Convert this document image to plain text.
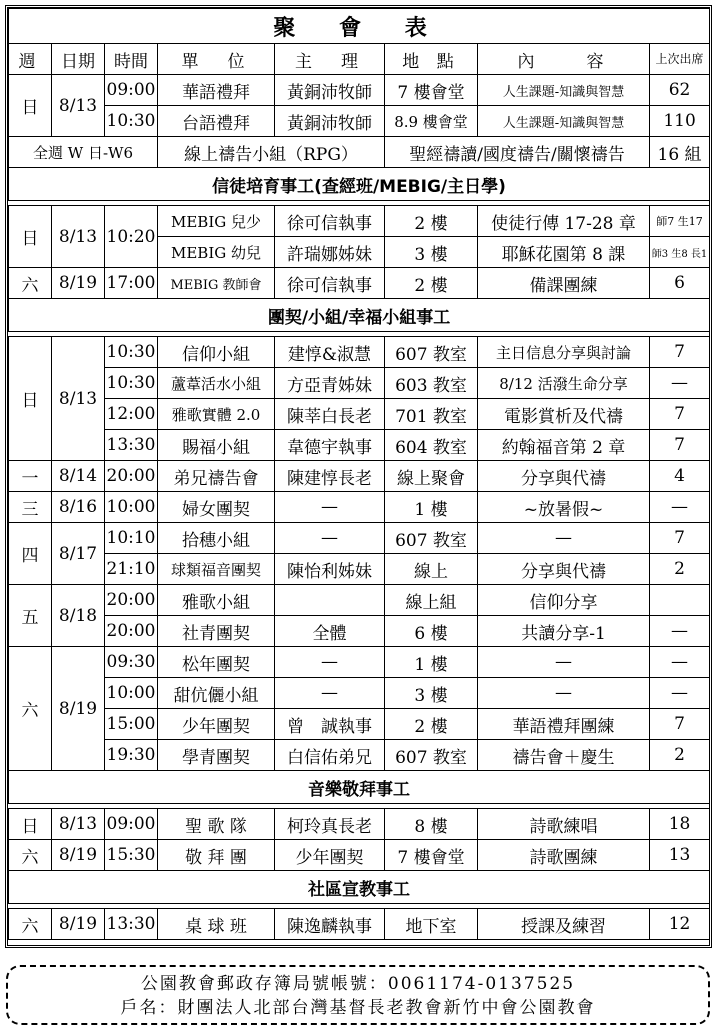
聚 會 表							
週	日期	時間	單　位	主　理	地 點	內　　容	上次出席
日	8/13	09:00	華語禮拜	黃銅沛牧師	7 樓會堂	人生課題-知識與智慧	62
		10:30	台語禮拜	黃銅沛牧師	8.9 樓會堂	人生課題-知識與智慧	110
全週 W 日-W6			線上禱告小組（RPG）		聖經禱讀/國度禱告/關懷禱告		16 組
信徒培育事工(查經班/MEBIG/主日學)							

日	8/13	10:20	MEBIG 兒少	徐可信執事	2 樓	使徒行傳 17-28 章	師7 生17
			MEBIG 幼兒	許瑞娜姊妹	3 樓	耶穌花園第 8 課	師3 生8 長1
六	8/19	17:00	MEBIG 教師會	徐可信執事	2 樓	備課團練	6
團契/小組/幸福小組事工							

日	8/13	10:30	信仰小組	建惇&淑慧	607 教室	主日信息分享與討論	7
		10:30	蘆葦活水小組	方亞青姊妹	603 教室	8/12 活潑生命分享	—
		12:00	雅歌實體 2.0	陳莘白長老	701 教室	電影賞析及代禱	7
		13:30	賜福小組	韋德宇執事	604 教室	約翰福音第 2 章	7
一	8/14	20:00	弟兄禱告會	陳建惇長老	線上聚會	分享與代禱	4
三	8/16	10:00	婦女團契	—	1 樓	~放暑假~	—
四	8/17	10:10	拾穗小組	—	607 教室	—	7
		21:10	球類福音團契	陳怡利姊妹	線上	分享與代禱	2
五	8/18	20:00	雅歌小組		線上組	信仰分享	
		20:00	社青團契	全體	6 樓	共讀分享-1	—
六	8/19	09:30	松年團契	—	1 樓	—	—
		10:00	甜伉儷小組	—	3 樓	—	—
		15:00	少年團契	曾　誠執事	2 樓	華語禮拜團練	7
		19:30	學青團契	白信佑弟兄	607 教室	禱告會＋慶生	2
音樂敬拜事工							

日	8/13	09:00	聖 歌 隊	柯玲真長老	8 樓	詩歌練唱	18
六	8/19	15:30	敬 拜 團	少年團契	7 樓會堂	詩歌團練	13
社區宣教事工							

六	8/19	13:30	桌 球 班	陳逸麟執事	地下室	授課及練習	12
公園教會郵政存簿局號帳號：0061174-0137525
戶名：財團法人北部台灣基督長老教會新竹中會公園教會
